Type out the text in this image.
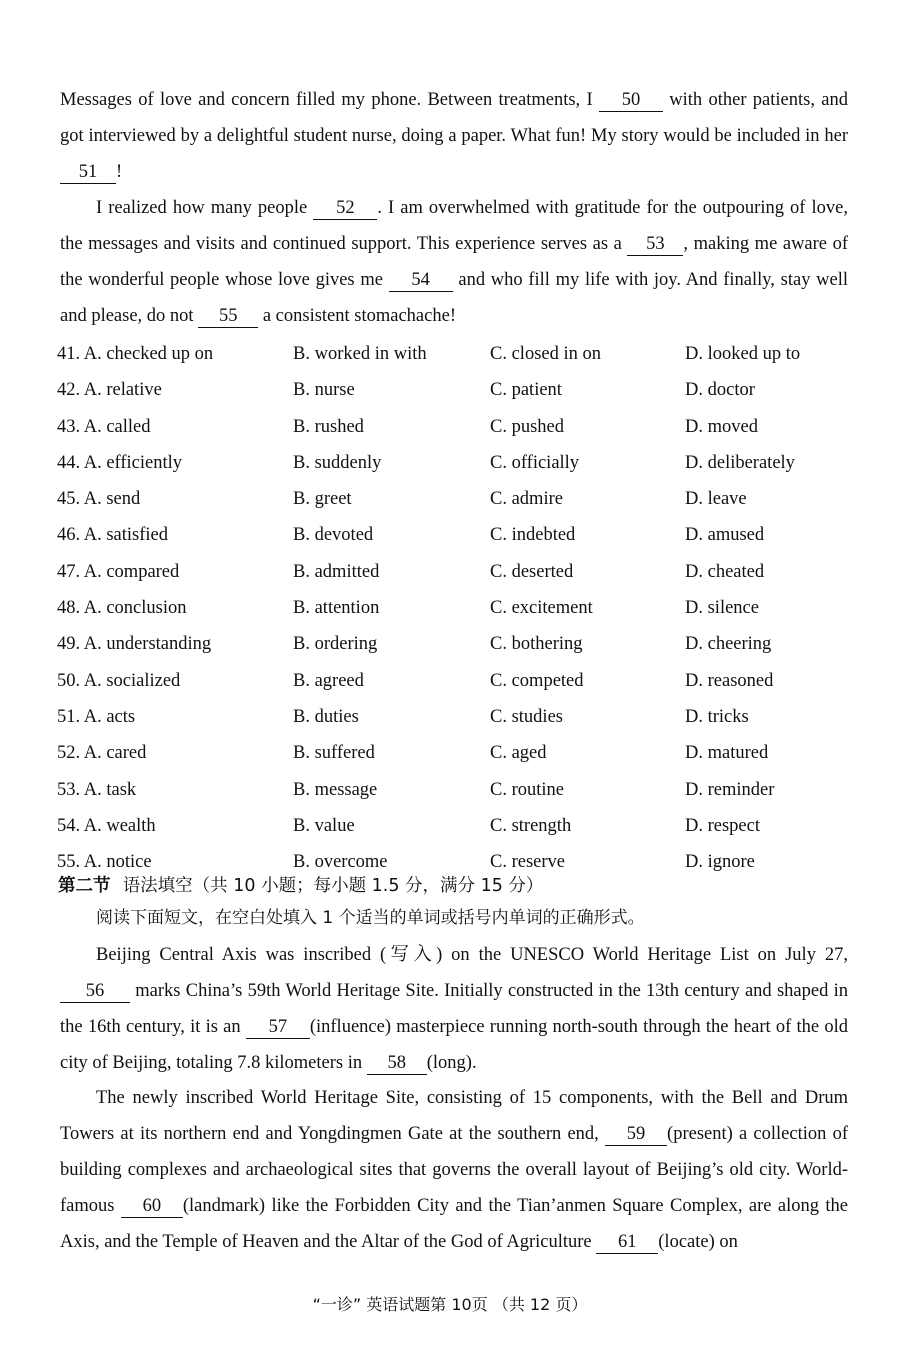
Messages of love and concern filled my phone. Between treatments, I 50 with other patients, and got interviewed by a delightful student nurse, doing a paper. What fun! My story would be included in her 51 !
I realized how many people 52 . I am overwhelmed with gratitude for the outpouring of love, the messages and visits and continued support. This experience serves as a 53 , making me aware of the wonderful people whose love gives me 54 and who fill my life with joy. And finally, stay well and please, do not 55 a consistent stomachache!
41. A. checked up on	B. worked in with	C. closed in on	D. looked up to
42. A. relative	B. nurse	C. patient	D. doctor
43. A. called	B. rushed	C. pushed	D. moved
44. A. efficiently	B. suddenly	C. officially	D. deliberately
45. A. send	B. greet	C. admire	D. leave
46. A. satisfied	B. devoted	C. indebted	D. amused
47. A. compared	B. admitted	C. deserted	D. cheated
48. A. conclusion	B. attention	C. excitement	D. silence
49. A. understanding	B. ordering	C. bothering	D. cheering
50. A. socialized	B. agreed	C. competed	D. reasoned
51. A. acts	B. duties	C. studies	D. tricks
52. A. cared	B. suffered	C. aged	D. matured
53. A. task	B. message	C. routine	D. reminder
54. A. wealth	B. value	C. strength	D. respect
55. A. notice	B. overcome	C. reserve	D. ignore
第二节 语法填空（共 10 小题；每小题 1.5 分，满分 15 分）
阅读下面短文，在空白处填入 1 个适当的单词或括号内单词的正确形式。
Beijing Central Axis was inscribed (写入) on the UNESCO World Heritage List on July 27, 56 marks China’s 59th World Heritage Site. Initially constructed in the 13th century and shaped in the 16th century, it is an 57 (influence) masterpiece running north-south through the heart of the old city of Beijing, totaling 7.8 kilometers in 58 (long).
The newly inscribed World Heritage Site, consisting of 15 components, with the Bell and Drum Towers at its northern end and Yongdingmen Gate at the southern end, 59 (present) a collection of building complexes and archaeological sites that governs the overall layout of Beijing’s old city. World-famous 60 (landmark) like the Forbidden City and the Tian’anmen Square Complex, are along the Axis, and the Temple of Heaven and the Altar of the God of Agriculture 61 (locate) on
“一诊” 英语试题第 10页 （共 12 页）
